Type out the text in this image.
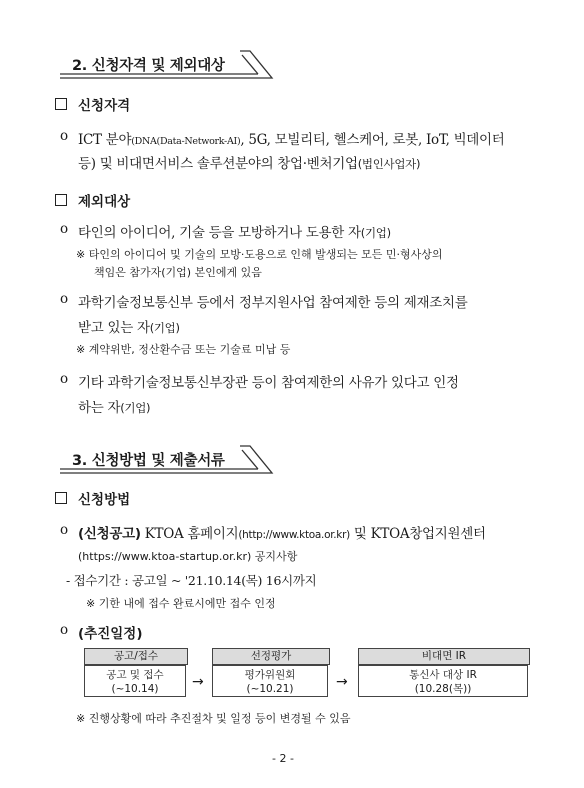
2. 신청자격 및 제외대상
신청자격
o ICT 분야(DNA(Data-Network-AI), 5G, 모빌리티, 헬스케어, 로봇, IoT, 빅데이터
등) 및 비대면서비스 솔루션분야의 창업·벤처기업(법인사업자)
제외대상
o 타인의 아이디어, 기술 등을 모방하거나 도용한 자(기업)
※ 타인의 아이디어 및 기술의 모방·도용으로 인해 발생되는 모든 민·형사상의
책임은 참가자(기업) 본인에게 있음
o 과학기술정보통신부 등에서 정부지원사업 참여제한 등의 제재조치를
받고 있는 자(기업)
※ 계약위반, 정산환수금 또는 기술료 미납 등
o 기타 과학기술정보통신부장관 등이 참여제한의 사유가 있다고 인정
하는 자(기업)
3. 신청방법 및 제출서류
신청방법
o (신청공고) KTOA 홈페이지(http://www.ktoa.or.kr) 및 KTOA창업지원센터
(https://www.ktoa-startup.or.kr) 공지사항
- 접수기간 : 공고일 ~ '21.10.14(목) 16시까지
※ 기한 내에 접수 완료시에만 접수 인정
o (추진일정)
공고/접수
공고 및 접수
(~10.14)	→
선정평가
평가위원회
(~10.21)	→
비대면 IR
통신사 대상 IR
(10.28(목))
※ 진행상황에 따라 추진절차 및 일정 등이 변경될 수 있음
- 2 -
